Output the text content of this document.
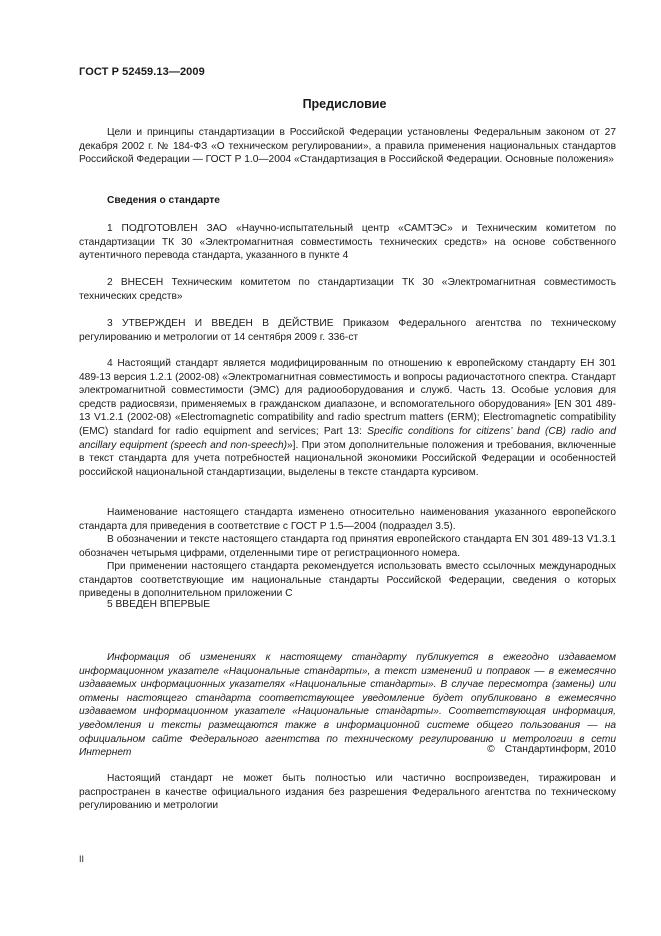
ГОСТ Р 52459.13—2009
Предисловие
Цели и принципы стандартизации в Российской Федерации установлены Федеральным законом от 27 декабря 2002 г. № 184-ФЗ «О техническом регулировании», а правила применения национальных стандартов Российской Федерации — ГОСТ Р 1.0—2004 «Стандартизация в Российской Федерации. Основные положения»
Сведения о стандарте
1 ПОДГОТОВЛЕН ЗАО «Научно-испытательный центр «САМТЭС» и Техническим комитетом по стандартизации ТК 30 «Электромагнитная совместимость технических средств» на основе собственного аутентичного перевода стандарта, указанного в пункте 4
2 ВНЕСЕН Техническим комитетом по стандартизации ТК 30 «Электромагнитная совместимость технических средств»
3 УТВЕРЖДЕН И ВВЕДЕН В ДЕЙСТВИЕ Приказом Федерального агентства по техническому регулированию и метрологии от 14 сентября 2009 г. 336-ст
4 Настоящий стандарт является модифицированным по отношению к европейскому стандарту ЕН 301 489-13 версия 1.2.1 (2002-08) «Электромагнитная совместимость и вопросы радиочастотного спектра. Стандарт электромагнитной совместимости (ЭМС) для радиооборудования и служб. Часть 13. Особые условия для средств радиосвязи, применяемых в гражданском диапазоне, и вспомогательного оборудования» [EN 301 489-13 V1.2.1 (2002-08) «Electromagnetic compatibility and radio spectrum matters (ERM); Electromagnetic compatibility (EMC) standard for radio equipment and services; Part 13: Specific conditions for citizens’ band (CB) radio and ancillary equipment (speech and non-speech)»]. При этом дополнительные положения и требования, включенные в текст стандарта для учета потребностей национальной экономики Российской Федерации и особенностей российской национальной стандартизации, выделены в тексте стандарта курсивом.
Наименование настоящего стандарта изменено относительно наименования указанного европейского стандарта для приведения в соответствие с ГОСТ Р 1.5—2004 (подраздел 3.5).
В обозначении и тексте настоящего стандарта год принятия европейского стандарта ЕN 301 489-13 V1.3.1 обозначен четырьмя цифрами, отделенными тире от регистрационного номера.
При применении настоящего стандарта рекомендуется использовать вместо ссылочных международных стандартов соответствующие им национальные стандарты Российской Федерации, сведения о которых приведены в дополнительном приложении С
5 ВВЕДЕН ВПЕРВЫЕ
Информация об изменениях к настоящему стандарту публикуется в ежегодно издаваемом информационном указателе «Национальные стандарты», а текст изменений и поправок — в ежемесячно издаваемых информационных указателях «Национальные стандарты». В случае пересмотра (замены) или отмены настоящего стандарта соответствующее уведомление будет опубликовано в ежемесячно издаваемом информационном указателе «Национальные стандарты». Соответствующая информация, уведомления и тексты размещаются также в информационной системе общего пользования — на официальном сайте Федерального агентства по техническому регулированию и метрологии в сети Интернет	© Стандартинформ, 2010
Настоящий стандарт не может быть полностью или частично воспроизведен, тиражирован и распространен в качестве официального издания без разрешения Федерального агентства по техническому регулированию и метрологии
II
